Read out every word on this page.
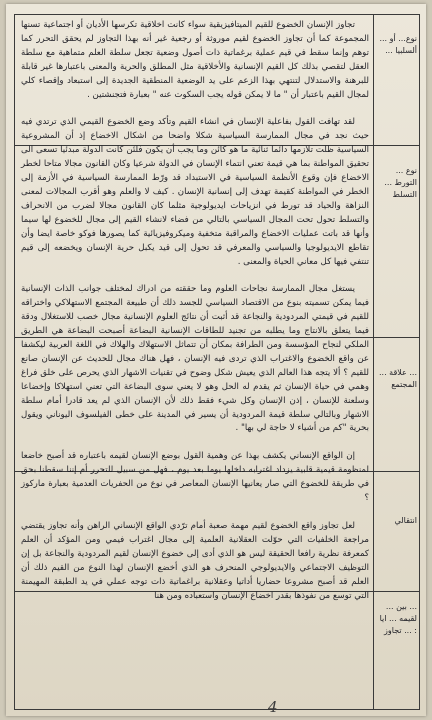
تجاوز الإنسان الخضوع للقيم الميتافيزيقية سواء كانت اخلاقية تكرسها الأديان أو اجتماعية تسنها المجموعة كما أن تجاوز الخضوع لقيم موروثة أو رجعية غير أنه بهذا التجاوز لم يحقق التحرر كما توهم وإنما سقط في قيم عملية برغماتية ذات أصول وضعية تجعل سلطة العلم متماهية مع سلطة العقل لتقصي بذلك كل القيم الإنسانية والأخلاقية مثل المطلق والحرية والمعنى باعتبارها غير قابلة للبرهنة والاستدلال لتنتهي بهذا الزعم على يد الوضعية المنطقية الجديدة إلى استبعاد وإقصاء كلي لمجال القيم باعتبار أن " ما لا يمكن قوله يجب السكوت عنه " بعبارة فتجنشتين .

لقد تهافت القول بفاعلية الإنسان في انشاء القيم وتأكد وضع الخضوع القيمي الذي ترتدي فيه حيث نجد في مجال الممارسة السياسية شكلا واضحا من اشكال الاخضاع إذ أن المشروعية السياسية ظلت تلازمها دائما ثنائية ما هو كائن وما يجب أن يكون فلئن كانت الدولة مبدئيا تسعى الى تحقيق المواطنة بما هي قيمة تعني انتماء الإنسان في الدولة شرعيا وكان القانون مجالا متاحا لخطر الاخضاع فإن وقوع الأنظمة السياسية في الاستبداد قد ورّط الممارسة السياسية في الأزمة إلى الخطر في المواطنة كقيمة تهدف إلى إنسانية الإنسان . كيف لا والعلم وهو أقرب المجالات لمعنى النزاهة والحياد قد تورط في انزياحات ايديولوجية مثلما كان القانون مجالا لضرب من الانحراف والتسلط تحول تحت المجال السياسي بالتالي من فضاء لانشاء القيم إلى مجال للخضوع لها سيما وأنها قد باتت عمليات الاخضاع والمراقبة متخفية وميكروفيزيائية كما يصورها فوكو خاصة ايضا وأن تقاطع الايديولوجيا والسياسي والمعرفي قد تحول إلى قيد يكبل حرية الإنسان ويخضعه إلى قيم تنتفي فيها كل معاني الحياة والمعنى .

يستغل مجال الممارسة نجاحات العلوم وما حققته من ادراك لمختلف جوانب الذات الإنسانية فيما يمكن تسميته بنوع من الاقتصاد السياسي للجسد ذلك أن طبيعة المجتمع الاستهلاكي واختراقه للقيم في قيمتي المردودية والنجاعة قد أثبت أن نتائج العلوم الإنسانية مجال خصب للاستغلال ودقة فيما يتعلق بالانتاج وما يطلبه من تجنيد للطاقات الإنسانية البضاعة أصبحت البضاعة هي الطريق الملكي لنجاح المؤسسة ومن الطرافة بمكان أن تتماثل الاستهلاك والهلاك في اللغة العربية ليكشفا عن واقع الخضوع والاغتراب الذي تردى فيه الإنسان ، فهل هناك مجال للحديث عن الإنسان صانع للقيم ؟ ألا يتجه هذا العالم الذي يعيش شكل وضوح في تقنيات الاشهار الذي يحرص على خلق فراغ وهمي في حياة الإنسان ثم يقدم له الحل وهو لا يعني سوى البضاعة التي تعني استهلاكا وإخضاعا وسلعنة للإنسان ، إذن الإنسان وكل شيء فقط ذلك لأن الإنسان الذي لم يعد قادرا أمام سلطة الاشهار وبالتالي سلطة قيمة المردودية أن يسير في المدينة على خطى الفيلسوف اليوناني ويقول بحرية "كم من أشياء لا حاجة لي بها" .

إن الواقع الإنساني يكشف بهذا عن وهمية القول بوضع الإنسان لقيمه باعتباره قد أصبح خاضعا لمنظومة قيمية قلبية يزداد اغترابه داخلها يوما بعد يوم ، فهل من سبيل للتحرر أم إننا سقطنا بحق في طريقة للخضوع التي صار يعانيها الإنسان المعاصر في نوع من الحفريات العدمية بعبارة ماركوز ؟

لعل تجاوز واقع الخضوع لقيم مهمة صعبة أمام ترّدي الواقع الإنساني الراهن وأنه تجاوز يقتضي مراجعة الخلفيات التي حوّلت العقلانية العلمية إلى مجال اغتراب فيمي ومن المؤكد أن العلم كمعرفة نظرية رافعا الحقيقة ليس هو الذي أدى إلى خضوع الإنسان لقيم المردودية والنجاعة بل إن التوظيف الاجتماعي والايديولوجي المنحرف هو الذي أخضع الإنسان لهذا النوع من القيم ذلك أن العلم قد أصبح مشروعا حضاريا أداتيا وعقلانية براغماتية ذات توجه عملي في يد الطبقة المهيمنة التي توسع من نفوذها بقدر اخضاع الإنسان واستعباده ومن هنا

نوع... أو ... ألسلبيا ...
نوع ... التورط ... التسلط
... علاقة ... المجتمع
انتقالي
... بين ... لقيمه ... ايا : ... تجاوز
4
